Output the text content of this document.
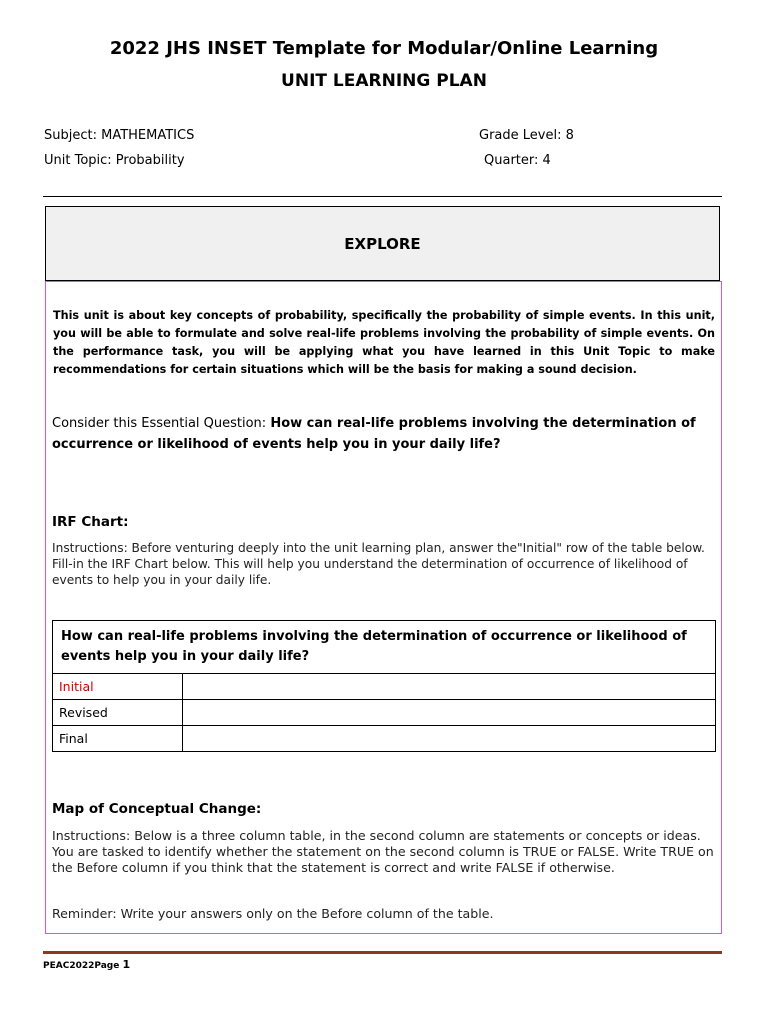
2022 JHS INSET Template for Modular/Online Learning
UNIT LEARNING PLAN
Subject: MATHEMATICS	Grade Level: 8
Unit Topic: Probability	Quarter: 4
EXPLORE
This unit is about key concepts of probability, specifically the probability of simple events. In this unit, you will be able to formulate and solve real-life problems involving the probability of simple events. On the performance task, you will be applying what you have learned in this Unit Topic to make recommendations for certain situations which will be the basis for making a sound decision.
Consider this Essential Question: How can real-life problems involving the determination of occurrence or likelihood of events help you in your daily life?
IRF Chart:
Instructions: Before venturing deeply into the unit learning plan, answer the"Initial" row of the table below. Fill-in the IRF Chart below. This will help you understand the determination of occurrence of likelihood of events to help you in your daily life.
How can real-life problems involving the determination of occurrence or likelihood of events help you in your daily life?	
Initial	
Revised	
Final	
Map of Conceptual Change:
Instructions: Below is a three column table, in the second column are statements or concepts or ideas. You are tasked to identify whether the statement on the second column is TRUE or FALSE. Write TRUE on the Before column if you think that the statement is correct and write FALSE if otherwise.
Reminder: Write your answers only on the Before column of the table.
PEAC2022Page 1
